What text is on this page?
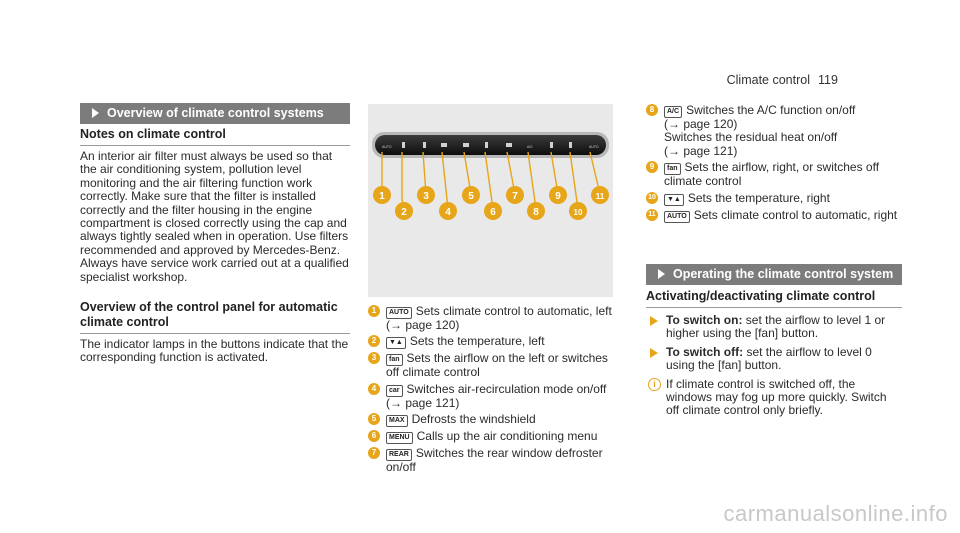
Climate control 119
Overview of climate control systems
Notes on climate control
An interior air filter must always be used so that the air conditioning system, pollution level monitoring and the air filtering function work correctly. Make sure that the filter is installed correctly and the filter housing in the engine compartment is closed correctly using the cap and always tightly sealed when in operation. Use filters recommended and approved by Mercedes-Benz. Always have service work carried out at a qualified specialist workshop.
Overview of the control panel for automatic climate control
The indicator lamps in the buttons indicate that the corresponding function is activated.
AUTO	A/C	AUTO
1
2
3
4
5
6
7
8
9
10
11
1	AUTO Sets climate control to automatic, left
(→ page 120)
2	▼▲ Sets the temperature, left
3	fan Sets the airflow on the left or switches off climate control
4	car Switches air-recirculation mode on/off
(→ page 121)
5	MAX Defrosts the windshield
6	MENU Calls up the air conditioning menu
7	REAR Switches the rear window defroster on/off
8	A/C Switches the A/C function on/off
(→ page 120)
Switches the residual heat on/off
(→ page 121)
9	fan Sets the airflow, right, or switches off climate control
10	▼▲ Sets the temperature, right
11	AUTO Sets climate control to automatic, right
Operating the climate control system
Activating/deactivating climate control
To switch on: set the airflow to level 1 or higher using the [fan] button.
To switch off: set the airflow to level 0 using the [fan] button.
i If climate control is switched off, the windows may fog up more quickly. Switch off climate control only briefly.
carmanualsonline.info
